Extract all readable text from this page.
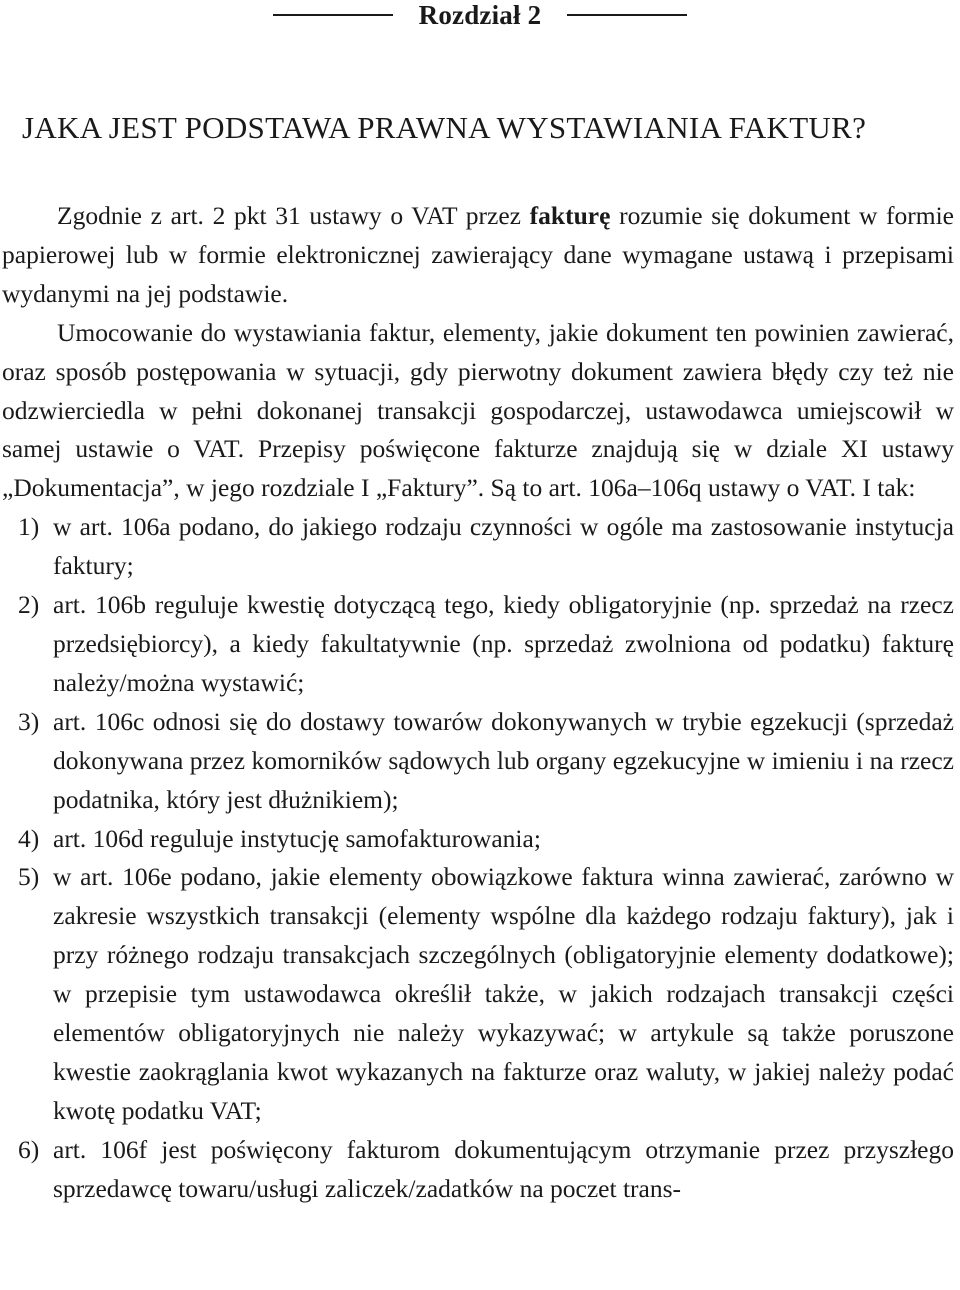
Rozdział 2
JAKA JEST PODSTAWA PRAWNA WYSTAWIANIA FAKTUR?

Zgodnie z art. 2 pkt 31 ustawy o VAT przez fakturę rozumie się dokument w formie papierowej lub w formie elektronicznej zawierający dane wymagane ustawą i przepisami wydanymi na jej podstawie.

Umocowanie do wystawiania faktur, elementy, jakie dokument ten powinien zawierać, oraz sposób postępowania w sytuacji, gdy pierwotny dokument zawiera błędy czy też nie odzwierciedla w pełni dokonanej transakcji gospodarczej, ustawodawca umiejscowił w samej ustawie o VAT. Przepisy poświęcone fakturze znajdują się w dziale XI ustawy „Dokumentacja”, w jego rozdziale I „Faktury”. Są to art. 106a–106q ustawy o VAT. I tak:

1) w art. 106a podano, do jakiego rodzaju czynności w ogóle ma zastosowanie instytucja faktury;
2) art. 106b reguluje kwestię dotyczącą tego, kiedy obligatoryjnie (np. sprzedaż na rzecz przedsiębiorcy), a kiedy fakultatywnie (np. sprzedaż zwolniona od podatku) fakturę należy/można wystawić;
3) art. 106c odnosi się do dostawy towarów dokonywanych w trybie egzekucji (sprzedaż dokonywana przez komorników sądowych lub organy egzekucyjne w imieniu i na rzecz podatnika, który jest dłużnikiem);
4) art. 106d reguluje instytucję samofakturowania;
5) w art. 106e podano, jakie elementy obowiązkowe faktura winna zawierać, zarówno w zakresie wszystkich transakcji (elementy wspólne dla każdego rodzaju faktury), jak i przy różnego rodzaju transakcjach szczególnych (obligatoryjnie elementy dodatkowe); w przepisie tym ustawodawca określił także, w jakich rodzajach transakcji części elementów obligatoryjnych nie należy wykazywać; w artykule są także poruszone kwestie zaokrąglania kwot wykazanych na fakturze oraz waluty, w jakiej należy podać kwotę podatku VAT;
6) art. 106f jest poświęcony fakturom dokumentującym otrzymanie przez przyszłego sprzedawcę towaru/usługi zaliczek/zadatków na poczet trans-
